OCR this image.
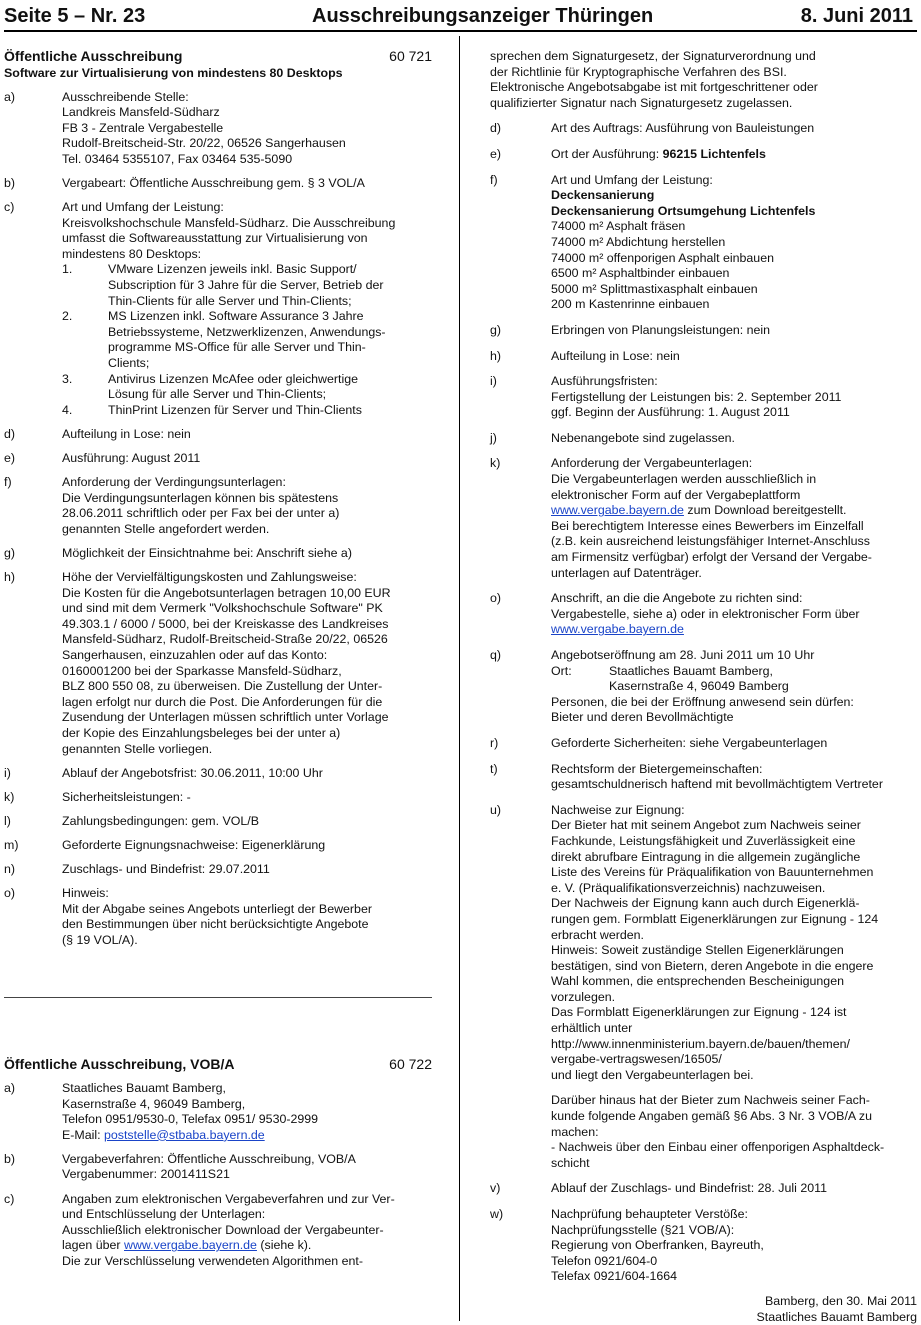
Seite 5 – Nr. 23	Ausschreibungsanzeiger Thüringen	8. Juni 2011
Öffentliche Ausschreibung	60 721
Software zur Virtualisierung von mindestens 80 Desktops
a)	Ausschreibende Stelle:
Landkreis Mansfeld-Südharz
FB 3 - Zentrale Vergabestelle
Rudolf-Breitscheid-Str. 20/22, 06526 Sangerhausen
Tel. 03464 5355107, Fax 03464 535-5090
b)	Vergabeart: Öffentliche Ausschreibung gem. § 3 VOL/A
c)	Art und Umfang der Leistung:
Kreisvolkshochschule Mansfeld-Südharz. Die Ausschreibung
umfasst die Softwareausstattung zur Virtualisierung von
mindestens 80 Desktops:
1.	VMware Lizenzen jeweils inkl. Basic Support/
Subscription für 3 Jahre für die Server, Betrieb der
Thin-Clients für alle Server und Thin-Clients;
2.	MS Lizenzen inkl. Software Assurance 3 Jahre
Betriebssysteme, Netzwerklizenzen, Anwendungs-
programme MS-Office für alle Server und Thin-
Clients;
3.	Antivirus Lizenzen McAfee oder gleichwertige
Lösung für alle Server und Thin-Clients;
4.	ThinPrint Lizenzen für Server und Thin-Clients
d)	Aufteilung in Lose: nein
e)	Ausführung: August 2011
f)	Anforderung der Verdingungsunterlagen:
Die Verdingungsunterlagen können bis spätestens
28.06.2011 schriftlich oder per Fax bei der unter a)
genannten Stelle angefordert werden.
g)	Möglichkeit der Einsichtnahme bei: Anschrift siehe a)
h)	Höhe der Vervielfältigungskosten und Zahlungsweise:
Die Kosten für die Angebotsunterlagen betragen 10,00 EUR
und sind mit dem Vermerk "Volkshochschule Software" PK
49.303.1 / 6000 / 5000, bei der Kreiskasse des Landkreises
Mansfeld-Südharz, Rudolf-Breitscheid-Straße 20/22, 06526
Sangerhausen, einzuzahlen oder auf das Konto:
0160001200 bei der Sparkasse Mansfeld-Südharz,
BLZ 800 550 08, zu überweisen. Die Zustellung der Unter-
lagen erfolgt nur durch die Post. Die Anforderungen für die
Zusendung der Unterlagen müssen schriftlich unter Vorlage
der Kopie des Einzahlungsbeleges bei der unter a)
genannten Stelle vorliegen.
i)	Ablauf der Angebotsfrist: 30.06.2011, 10:00 Uhr
k)	Sicherheitsleistungen: -
l)	Zahlungsbedingungen: gem. VOL/B
m)	Geforderte Eignungsnachweise: Eigenerklärung
n)	Zuschlags- und Bindefrist: 29.07.2011
o)	Hinweis:
Mit der Abgabe seines Angebots unterliegt der Bewerber
den Bestimmungen über nicht berücksichtigte Angebote
(§ 19 VOL/A).
Öffentliche Ausschreibung, VOB/A	60 722
a)	Staatliches Bauamt Bamberg,
Kasernstraße 4, 96049 Bamberg,
Telefon 0951/9530-0, Telefax 0951/ 9530-2999
E-Mail: poststelle@stbaba.bayern.de
b)	Vergabeverfahren: Öffentliche Ausschreibung, VOB/A
Vergabenummer: 2001411S21
c)	Angaben zum elektronischen Vergabeverfahren und zur Ver-
und Entschlüsselung der Unterlagen:
Ausschließlich elektronischer Download der Vergabeunter-
lagen über www.vergabe.bayern.de (siehe k).
Die zur Verschlüsselung verwendeten Algorithmen ent-
sprechen dem Signaturgesetz, der Signaturverordnung und
der Richtlinie für Kryptographische Verfahren des BSI.
Elektronische Angebotsabgabe ist mit fortgeschrittener oder
qualifizierter Signatur nach Signaturgesetz zugelassen.
d)	Art des Auftrags: Ausführung von Bauleistungen
e)	Ort der Ausführung: 96215 Lichtenfels
f)	Art und Umfang der Leistung:
Deckensanierung
Deckensanierung Ortsumgehung Lichtenfels
74000 m² Asphalt fräsen
74000 m² Abdichtung herstellen
74000 m² offenporigen Asphalt einbauen
6500 m² Asphaltbinder einbauen
5000 m² Splittmastixasphalt einbauen
200 m Kastenrinne einbauen
g)	Erbringen von Planungsleistungen: nein
h)	Aufteilung in Lose: nein
i)	Ausführungsfristen:
Fertigstellung der Leistungen bis: 2. September 2011
ggf. Beginn der Ausführung: 1. August 2011
j)	Nebenangebote sind zugelassen.
k)	Anforderung der Vergabeunterlagen:
Die Vergabeunterlagen werden ausschließlich in
elektronischer Form auf der Vergabeplattform
www.vergabe.bayern.de zum Download bereitgestellt.
Bei berechtigtem Interesse eines Bewerbers im Einzelfall
(z.B. kein ausreichend leistungsfähiger Internet-Anschluss
am Firmensitz verfügbar) erfolgt der Versand der Vergabe-
unterlagen auf Datenträger.
o)	Anschrift, an die die Angebote zu richten sind:
Vergabestelle, siehe a) oder in elektronischer Form über
www.vergabe.bayern.de
q)	Angebotseröffnung am 28. Juni 2011 um 10 Uhr
Ort:	Staatliches Bauamt Bamberg,
Kasernstraße 4, 96049 Bamberg
Personen, die bei der Eröffnung anwesend sein dürfen:
Bieter und deren Bevollmächtigte
r)	Geforderte Sicherheiten: siehe Vergabeunterlagen
t)	Rechtsform der Bietergemeinschaften:
gesamtschuldnerisch haftend mit bevollmächtigtem Vertreter
u)	Nachweise zur Eignung:
Der Bieter hat mit seinem Angebot zum Nachweis seiner
Fachkunde, Leistungsfähigkeit und Zuverlässigkeit eine
direkt abrufbare Eintragung in die allgemein zugängliche
Liste des Vereins für Präqualifikation von Bauunternehmen
e. V. (Präqualifikationsverzeichnis) nachzuweisen.
Der Nachweis der Eignung kann auch durch Eigenerklä-
rungen gem. Formblatt Eigenerklärungen zur Eignung - 124
erbracht werden.
Hinweis: Soweit zuständige Stellen Eigenerklärungen
bestätigen, sind von Bietern, deren Angebote in die engere
Wahl kommen, die entsprechenden Bescheinigungen
vorzulegen.
Das Formblatt Eigenerklärungen zur Eignung - 124 ist
erhältlich unter
http://www.innenministerium.bayern.de/bauen/themen/
vergabe-vertragswesen/16505/
und liegt den Vergabeunterlagen bei.
Darüber hinaus hat der Bieter zum Nachweis seiner Fach-
kunde folgende Angaben gemäß §6 Abs. 3 Nr. 3 VOB/A zu
machen:
- Nachweis über den Einbau einer offenporigen Asphaltdeck-
schicht
v)	Ablauf der Zuschlags- und Bindefrist: 28. Juli 2011
w)	Nachprüfung behaupteter Verstöße:
Nachprüfungsstelle (§21 VOB/A):
Regierung von Oberfranken, Bayreuth,
Telefon 0921/604-0
Telefax 0921/604-1664
Bamberg, den 30. Mai 2011
Staatliches Bauamt Bamberg
